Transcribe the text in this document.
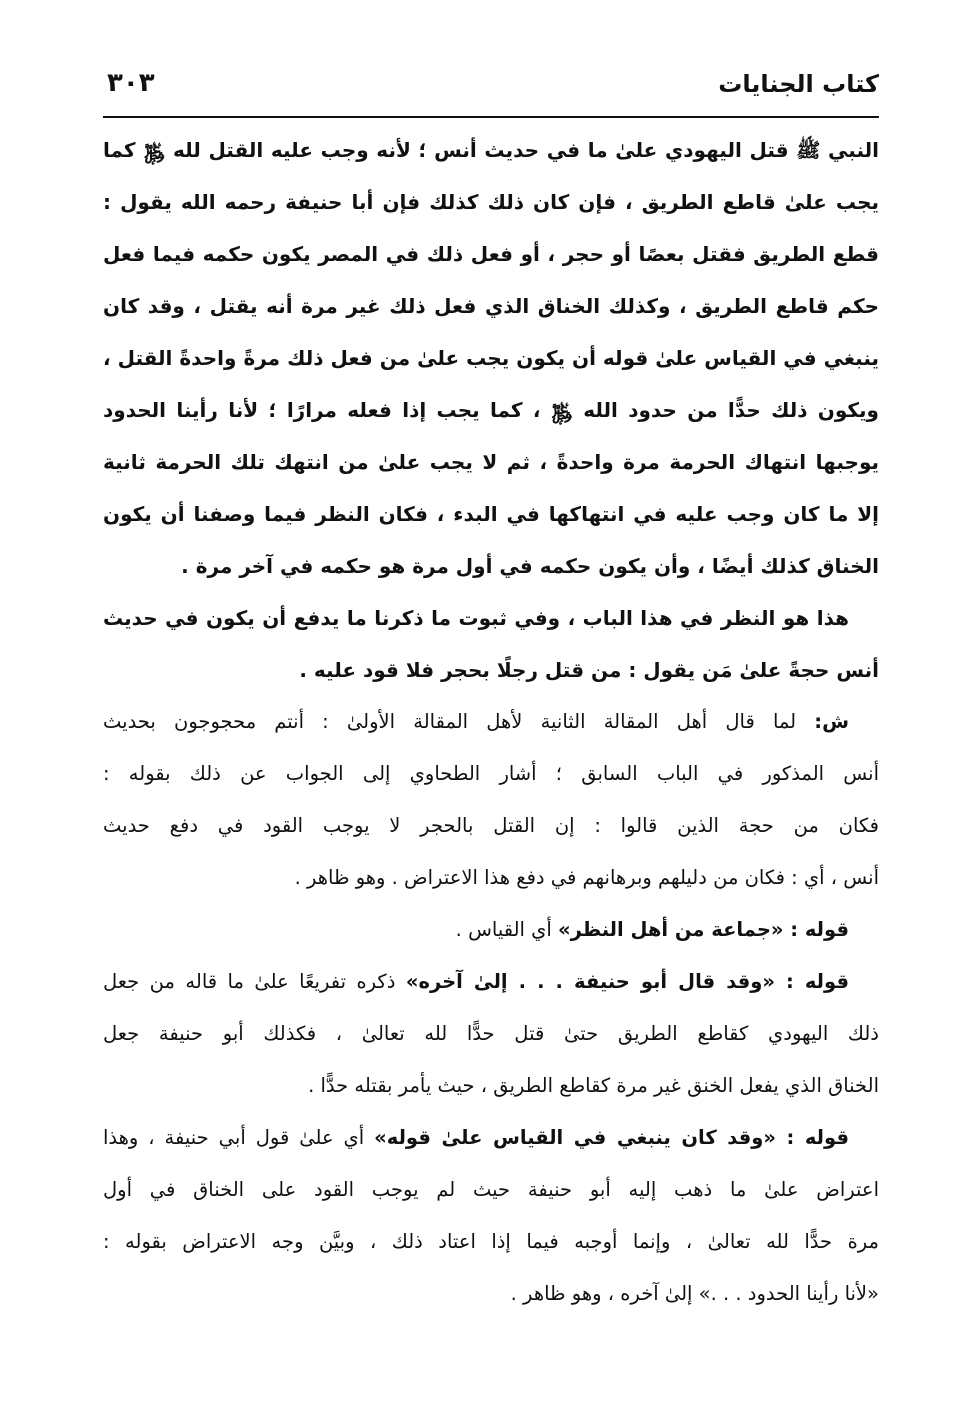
كتاب الجنايات
٣٠٣
النبي ﷺ قتل اليهودي علىٰ ما في حديث أنس ؛ لأنه وجب عليه القتل لله ﷿ كما
يجب علىٰ قاطع الطريق ، فإن كان ذلك كذلك فإن أبا حنيفة رحمه الله يقول :
قطع الطريق فقتل بعصًا أو حجر ، أو فعل ذلك في المصر يكون حكمه فيما فعل
حكم قاطع الطريق ، وكذلك الخناق الذي فعل ذلك غير مرة أنه يقتل ، وقد كان
ينبغي في القياس علىٰ قوله أن يكون يجب علىٰ من فعل ذلك مرةً واحدةً القتل ،
ويكون ذلك حدًّا من حدود الله ﷿ ، كما يجب إذا فعله مرارًا ؛ لأنا رأينا الحدود
يوجبها انتهاك الحرمة مرة واحدةً ، ثم لا يجب علىٰ من انتهك تلك الحرمة ثانية
إلا ما كان وجب عليه في انتهاكها في البدء ، فكان النظر فيما وصفنا أن يكون
الخناق كذلك أيضًا ، وأن يكون حكمه في أول مرة هو حكمه في آخر مرة .
هذا هو النظر في هذا الباب ، وفي ثبوت ما ذكرنا ما يدفع أن يكون في حديث
أنس حجةً علىٰ مَن يقول : من قتل رجلًا بحجر فلا قود عليه .
ش: لما قال أهل المقالة الثانية لأهل المقالة الأولىٰ : أنتم محجوجون بحديث
أنس المذكور في الباب السابق ؛ أشار الطحاوي إلى الجواب عن ذلك بقوله :
فكان من حجة الذين قالوا : إن القتل بالحجر لا يوجب القود في دفع حديث
أنس ، أي : فكان من دليلهم وبرهانهم في دفع هذا الاعتراض . وهو ظاهر .
قوله : «جماعة من أهل النظر» أي القياس .
قوله : «وقد قال أبو حنيفة . . . إلىٰ آخره» ذكره تفريعًا علىٰ ما قاله من جعل
ذلك اليهودي كقاطع الطريق حتىٰ قتل حدًّا لله تعالىٰ ، فكذلك أبو حنيفة جعل
الخناق الذي يفعل الخنق غير مرة كقاطع الطريق ، حيث يأمر بقتله حدًّا .
قوله : «وقد كان ينبغي في القياس علىٰ قوله» أي علىٰ قول أبي حنيفة ، وهذا
اعتراض علىٰ ما ذهب إليه أبو حنيفة حيث لم يوجب القود على الخناق في أول
مرة حدًّا لله تعالىٰ ، وإنما أوجبه فيما إذا اعتاد ذلك ، وبيَّن وجه الاعتراض بقوله :
«لأنا رأينا الحدود . . .» إلىٰ آخره ، وهو ظاهر .
